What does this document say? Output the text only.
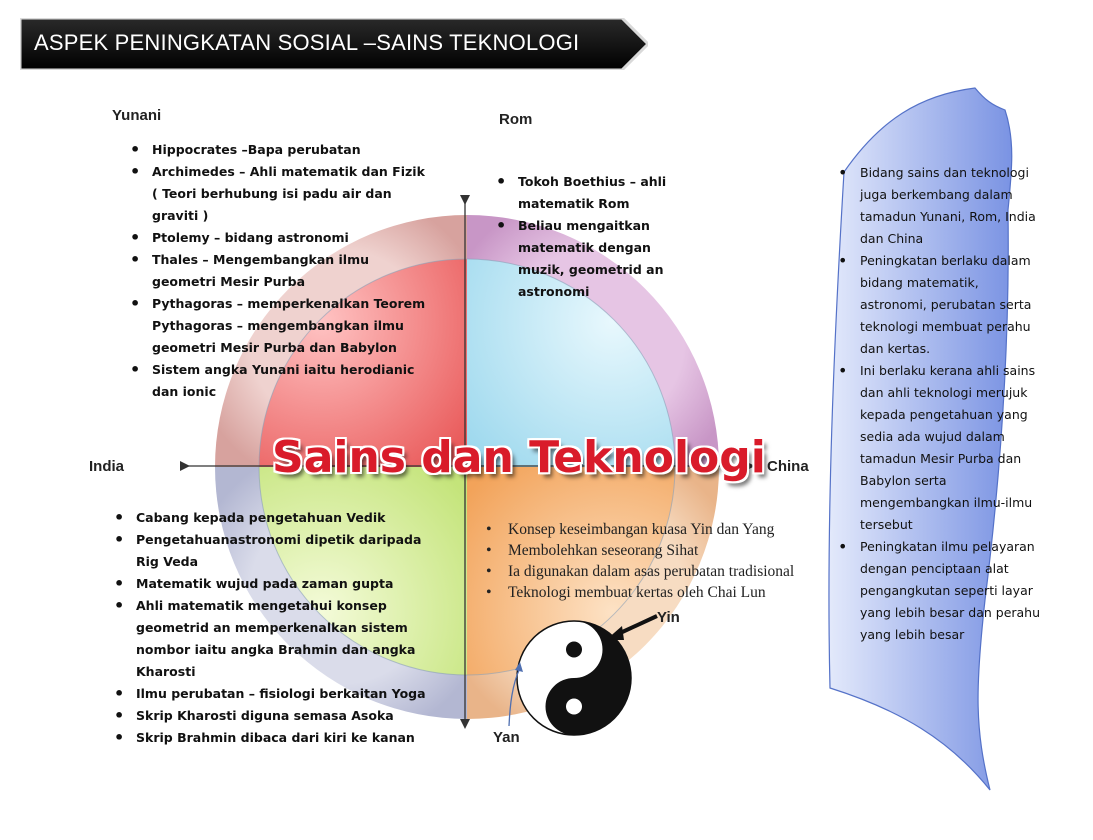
ASPEK PENINGKATAN SOSIAL –SAINS TEKNOLOGI
Sains dan Teknologi
India	China
Yunani
• Hippocrates –Bapa perubatan
• Archimedes – Ahli matematik dan Fizik ( Teori berhubung isi padu air dan graviti )
• Ptolemy – bidang astronomi
• Thales – Mengembangkan ilmu geometri Mesir Purba
• Pythagoras – memperkenalkan Teorem Pythagoras – mengembangkan ilmu geometri Mesir Purba dan Babylon
• Sistem angka Yunani iaitu herodianic dan ionic
Rom
• Tokoh Boethius – ahli matematik Rom
• Beliau mengaitkan matematik dengan muzik, geometrid an astronomi
• Cabang kepada pengetahuan Vedik
• Pengetahuanastronomi dipetik daripada Rig Veda
• Matematik wujud pada zaman gupta
• Ahli matematik mengetahui konsep geometrid an memperkenalkan sistem nombor iaitu angka Brahmin dan angka Kharosti
• Ilmu perubatan – fisiologi berkaitan Yoga
• Skrip Kharosti diguna semasa Asoka
• Skrip Brahmin dibaca dari kiri ke kanan
• Konsep keseimbangan kuasa Yin dan Yang
• Membolehkan seseorang Sihat
• Ia digunakan dalam asas perubatan tradisional
• Teknologi membuat kertas oleh Chai Lun
Yin
Yan
• Bidang sains dan teknologi juga berkembang dalam tamadun Yunani, Rom, India dan China
• Peningkatan berlaku dalam bidang matematik, astronomi, perubatan serta teknologi membuat perahu dan kertas.
• Ini berlaku kerana ahli sains dan ahli teknologi merujuk kepada pengetahuan yang sedia ada wujud dalam tamadun Mesir Purba dan Babylon serta mengembangkan ilmu-ilmu tersebut
• Peningkatan ilmu pelayaran dengan penciptaan alat pengangkutan seperti layar yang lebih besar dan perahu yang lebih besar
